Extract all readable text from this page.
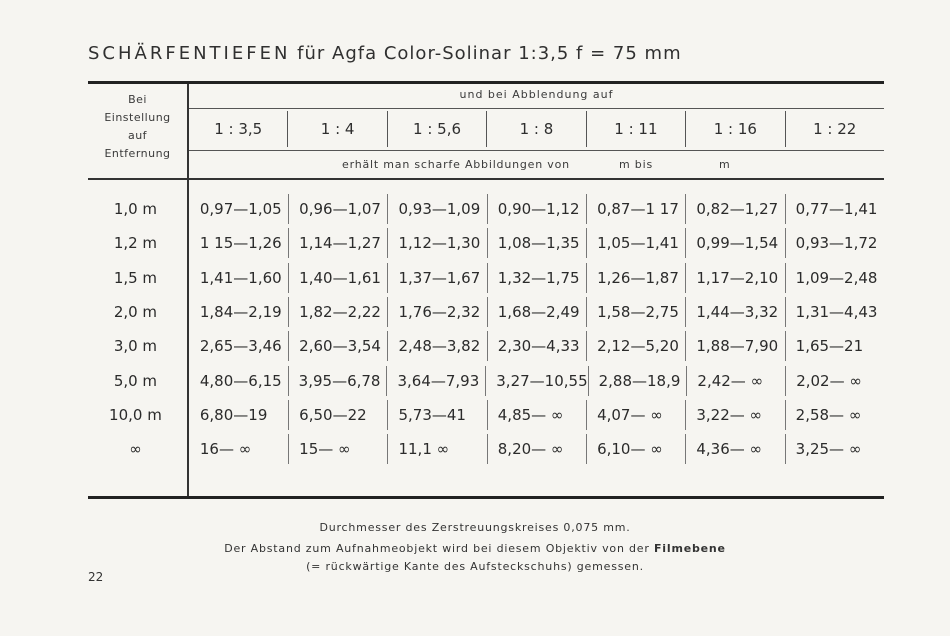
SCHÄRFENTIEFEN für Agfa Color-Solinar 1:3,5 f = 75 mm
Bei
Einstellung
auf
Entfernung
und bei Abblendung auf
1 : 3,5	1 : 4	1 : 5,6	1 : 8	1 : 11	1 : 16	1 : 22
erhält man scharfe Abbildungen von	m bis	m
1,0 m	0,97—1,05	0,96—1,07	0,93—1,09	0,90—1,12	0,87—1 17	0,82—1,27	0,77—1,41
1,2 m	1 15—1,26	1,14—1,27	1,12—1,30	1,08—1,35	1,05—1,41	0,99—1,54	0,93—1,72
1,5 m	1,41—1,60	1,40—1,61	1,37—1,67	1,32—1,75	1,26—1,87	1,17—2,10	1,09—2,48
2,0 m	1,84—2,19	1,82—2,22	1,76—2,32	1,68—2,49	1,58—2,75	1,44—3,32	1,31—4,43
3,0 m	2,65—3,46	2,60—3,54	2,48—3,82	2,30—4,33	2,12—5,20	1,88—7,90	1,65—21
5,0 m	4,80—6,15	3,95—6,78	3,64—7,93	3,27—10,55 2,88—18,9	2,42— ∞	2,02— ∞
10,0 m	6,80—19	6,50—22	5,73—41	4,85— ∞	4,07— ∞	3,22— ∞	2,58— ∞
∞	16— ∞	15— ∞	11,1 ∞	8,20— ∞	6,10— ∞	4,36— ∞	3,25— ∞
Durchmesser des Zerstreuungskreises 0,075 mm.
Der Abstand zum Aufnahmeobjekt wird bei diesem Objektiv von der Filmebene
(= rückwärtige Kante des Aufsteckschuhs) gemessen.
22
